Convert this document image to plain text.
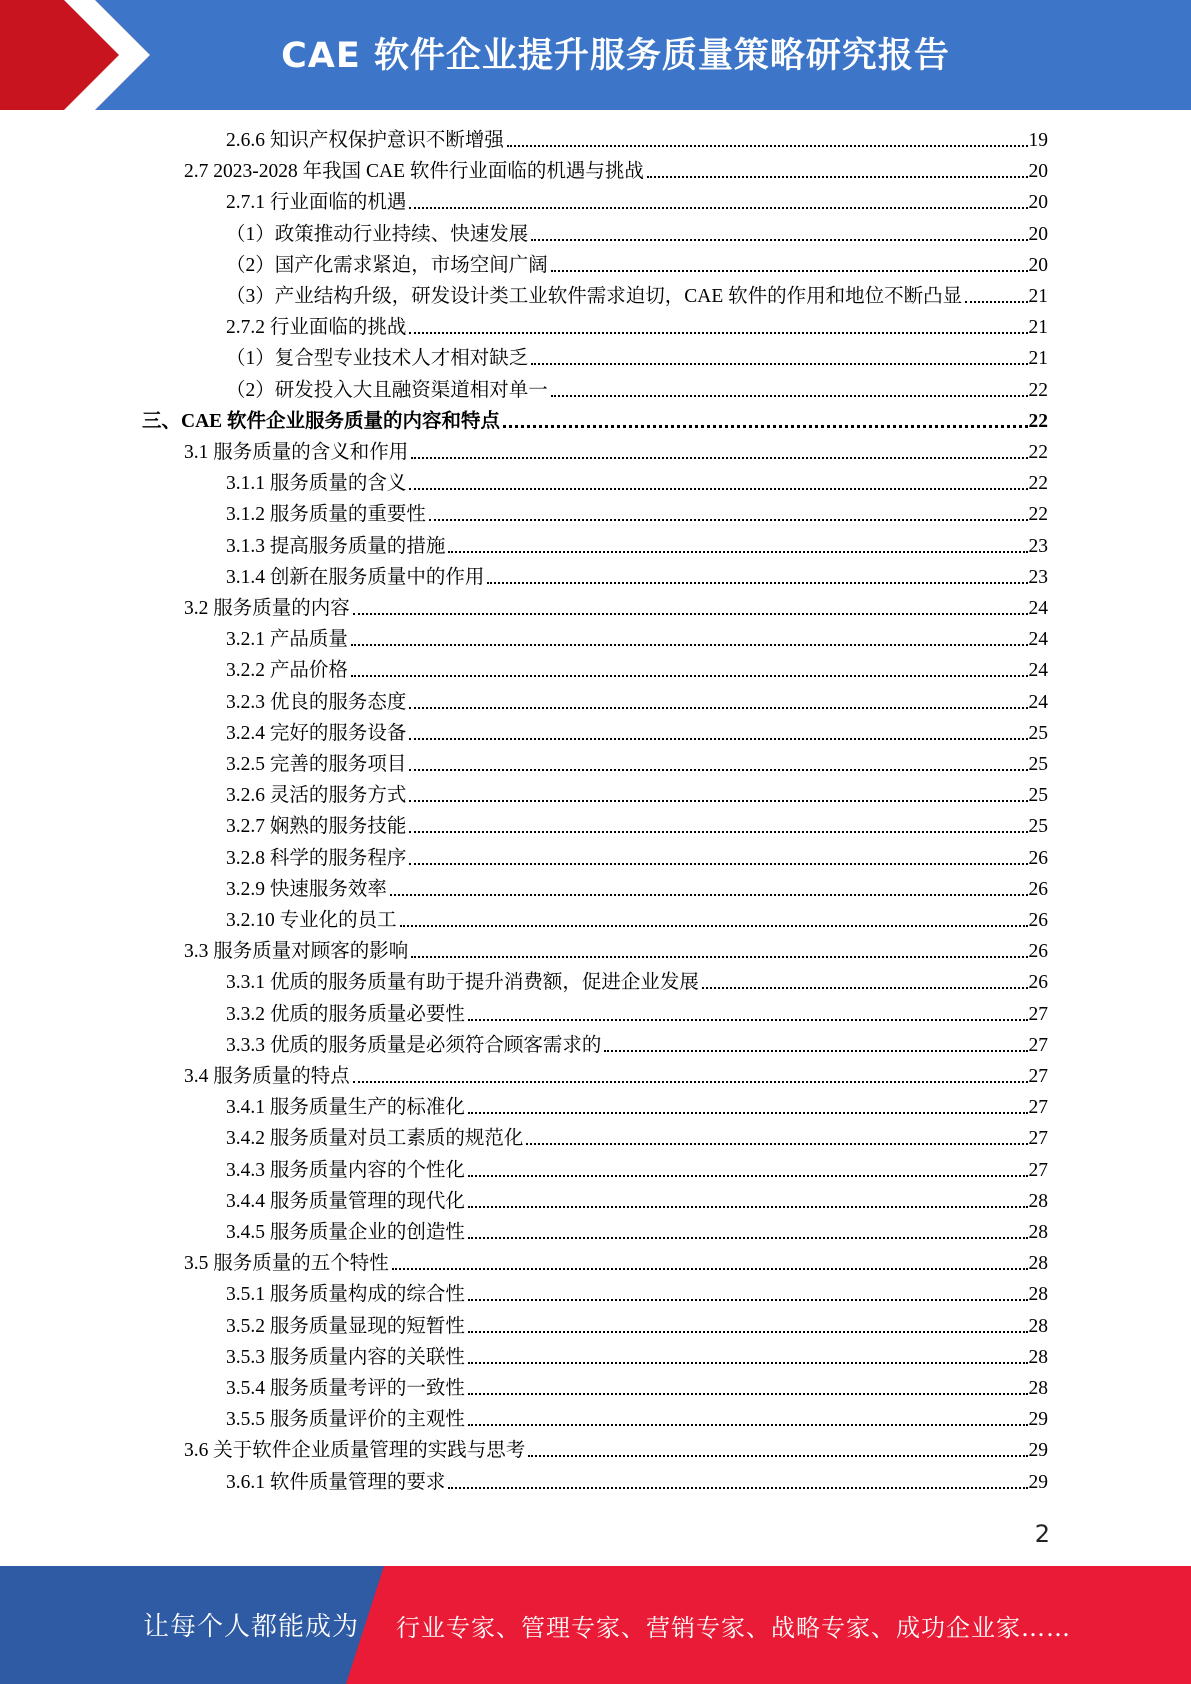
CAE 软件企业提升服务质量策略研究报告
2.6.6 知识产权保护意识不断增强	19
2.7 2023-2028 年我国 CAE 软件行业面临的机遇与挑战	20
2.7.1 行业面临的机遇	20
（1）政策推动行业持续、快速发展	20
（2）国产化需求紧迫，市场空间广阔	20
（3）产业结构升级，研发设计类工业软件需求迫切，CAE 软件的作用和地位不断凸显	21
2.7.2 行业面临的挑战	21
（1）复合型专业技术人才相对缺乏	21
（2）研发投入大且融资渠道相对单一	22
三、CAE 软件企业服务质量的内容和特点	22
3.1 服务质量的含义和作用	22
3.1.1 服务质量的含义	22
3.1.2 服务质量的重要性	22
3.1.3 提高服务质量的措施	23
3.1.4 创新在服务质量中的作用	23
3.2 服务质量的内容	24
3.2.1 产品质量	24
3.2.2 产品价格	24
3.2.3 优良的服务态度	24
3.2.4 完好的服务设备	25
3.2.5 完善的服务项目	25
3.2.6 灵活的服务方式	25
3.2.7 娴熟的服务技能	25
3.2.8 科学的服务程序	26
3.2.9 快速服务效率	26
3.2.10 专业化的员工	26
3.3 服务质量对顾客的影响	26
3.3.1 优质的服务质量有助于提升消费额，促进企业发展	26
3.3.2 优质的服务质量必要性	27
3.3.3 优质的服务质量是必须符合顾客需求的	27
3.4 服务质量的特点	27
3.4.1 服务质量生产的标准化	27
3.4.2 服务质量对员工素质的规范化	27
3.4.3 服务质量内容的个性化	27
3.4.4 服务质量管理的现代化	28
3.4.5 服务质量企业的创造性	28
3.5 服务质量的五个特性	28
3.5.1 服务质量构成的综合性	28
3.5.2 服务质量显现的短暂性	28
3.5.3 服务质量内容的关联性	28
3.5.4 服务质量考评的一致性	28
3.5.5 服务质量评价的主观性	29
3.6 关于软件企业质量管理的实践与思考	29
3.6.1 软件质量管理的要求	29
2
让每个人都能成为 行业专家、管理专家、营销专家、战略专家、成功企业家……
